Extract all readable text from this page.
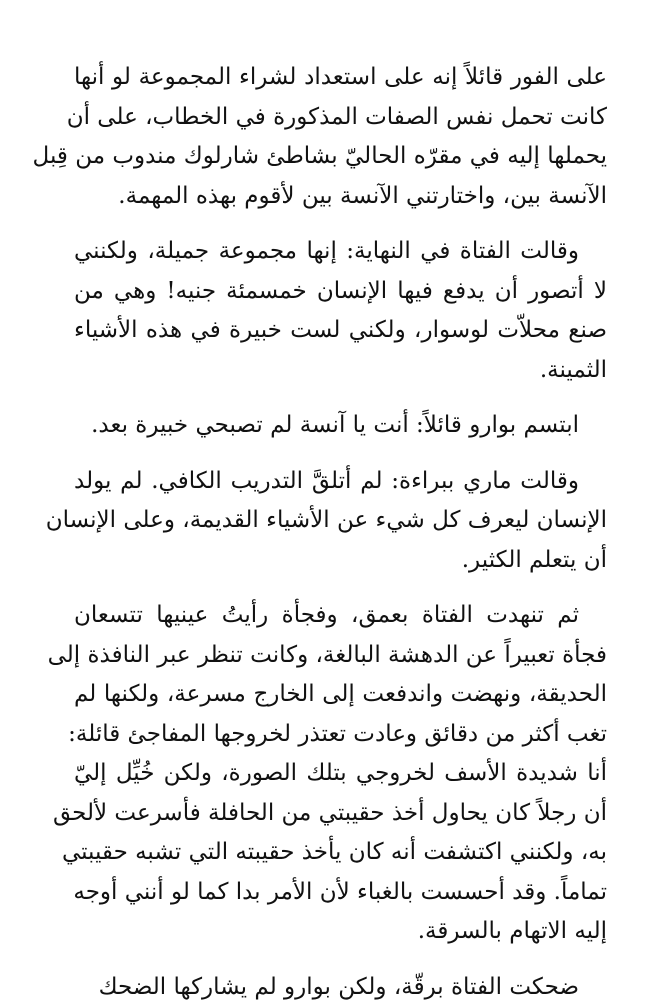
على الفور قائلاً إنه على استعداد لشراء المجموعة لو أنها
كانت تحمل نفس الصفات المذكورة في الخطاب، على أن
يحملها إليه في مقرّه الحاليّ بشاطئ شارلوك مندوب من قِبل
الآنسة بين، واختارتني الآنسة بين لأقوم بهذه المهمة.
وقالت الفتاة في النهاية: إنها مجموعة جميلة، ولكنني
لا أتصور أن يدفع فيها الإنسان خمسمئة جنيه! وهي من
صنع محلاّت لوسوار، ولكني لست خبيرة في هذه الأشياء
الثمينة.
ابتسم بوارو قائلاً: أنت يا آنسة لم تصبحي خبيرة بعد.
وقالت ماري ببراءة: لم أتلقَّ التدريب الكافي. لم يولد
الإنسان ليعرف كل شيء عن الأشياء القديمة، وعلى الإنسان
أن يتعلم الكثير.
ثم تنهدت الفتاة بعمق، وفجأة رأيتُ عينيها تتسعان
فجأة تعبيراً عن الدهشة البالغة، وكانت تنظر عبر النافذة إلى
الحديقة، ونهضت واندفعت إلى الخارج مسرعة، ولكنها لم
تغب أكثر من دقائق وعادت تعتذر لخروجها المفاجئ قائلة:
أنا شديدة الأسف لخروجي بتلك الصورة، ولكن خُيِّل إليّ
أن رجلاً كان يحاول أخذ حقيبتي من الحافلة فأسرعت لألحق
به، ولكنني اكتشفت أنه كان يأخذ حقيبته التي تشبه حقيبتي
تماماً. وقد أحسست بالغباء لأن الأمر بدا كما لو أنني أوجه
إليه الاتهام بالسرقة.
ضحكت الفتاة برقّة، ولكن بوارو لم يشاركها الضحك
